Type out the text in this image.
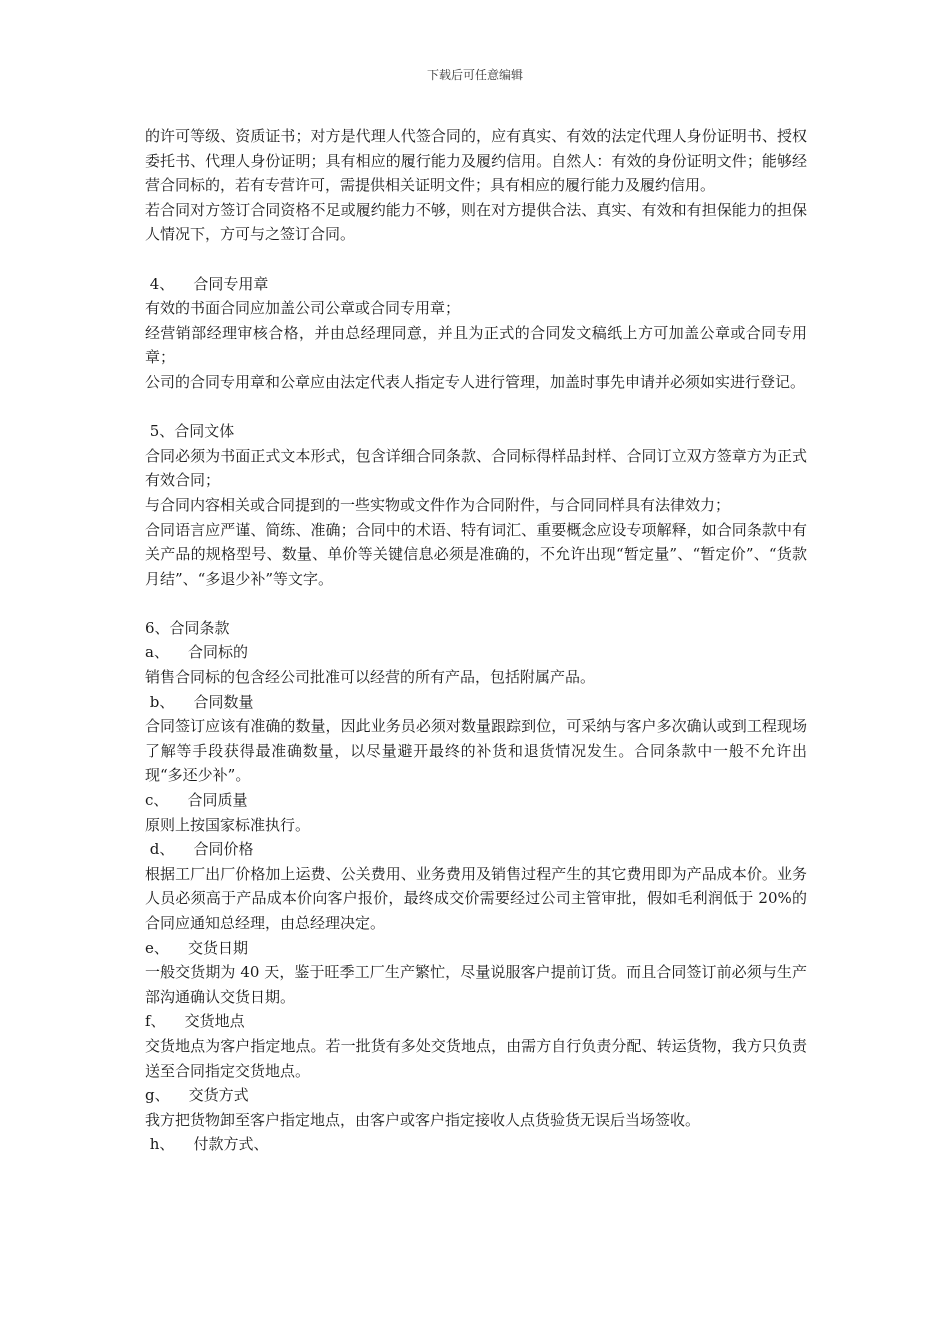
下载后可任意编辑

的许可等级、资质证书；对方是代理人代签合同的，应有真实、有效的法定代理人身份证明书、授权委托书、代理人身份证明；具有相应的履行能力及履约信用。自然人：有效的身份证明文件；能够经营合同标的，若有专营许可，需提供相关证明文件；具有相应的履行能力及履约信用。

若合同对方签订合同资格不足或履约能力不够，则在对方提供合法、真实、有效和有担保能力的担保人情况下，方可与之签订合同。

4、    合同专用章

有效的书面合同应加盖公司公章或合同专用章；

经营销部经理审核合格，并由总经理同意，并且为正式的合同发文稿纸上方可加盖公章或合同专用章；

公司的合同专用章和公章应由法定代表人指定专人进行管理，加盖时事先申请并必须如实进行登记。

5、合同文体

合同必须为书面正式文本形式，包含详细合同条款、合同标得样品封样、合同订立双方签章方为正式有效合同；

与合同内容相关或合同提到的一些实物或文件作为合同附件，与合同同样具有法律效力；

合同语言应严谨、简练、准确；合同中的术语、特有词汇、重要概念应设专项解释，如合同条款中有关产品的规格型号、数量、单价等关键信息必须是准确的，不允许出现“暂定量”、“暂定价”、“货款月结”、“多退少补”等文字。

6、合同条款

a、    合同标的

销售合同标的包含经公司批准可以经营的所有产品，包括附属产品。

b、    合同数量

合同签订应该有准确的数量，因此业务员必须对数量跟踪到位，可采纳与客户多次确认或到工程现场了解等手段获得最准确数量，以尽量避开最终的补货和退货情况发生。合同条款中一般不允许出现“多还少补”。

c、    合同质量

原则上按国家标准执行。

d、    合同价格

根据工厂出厂价格加上运费、公关费用、业务费用及销售过程产生的其它费用即为产品成本价。业务人员必须高于产品成本价向客户报价，最终成交价需要经过公司主管审批，假如毛利润低于 20%的合同应通知总经理，由总经理决定。

e、    交货日期

一般交货期为 40 天，鉴于旺季工厂生产繁忙，尽量说服客户提前订货。而且合同签订前必须与生产部沟通确认交货日期。

f、    交货地点

交货地点为客户指定地点。若一批货有多处交货地点，由需方自行负责分配、转运货物，我方只负责送至合同指定交货地点。

g、    交货方式

我方把货物卸至客户指定地点，由客户或客户指定接收人点货验货无误后当场签收。

h、    付款方式、
